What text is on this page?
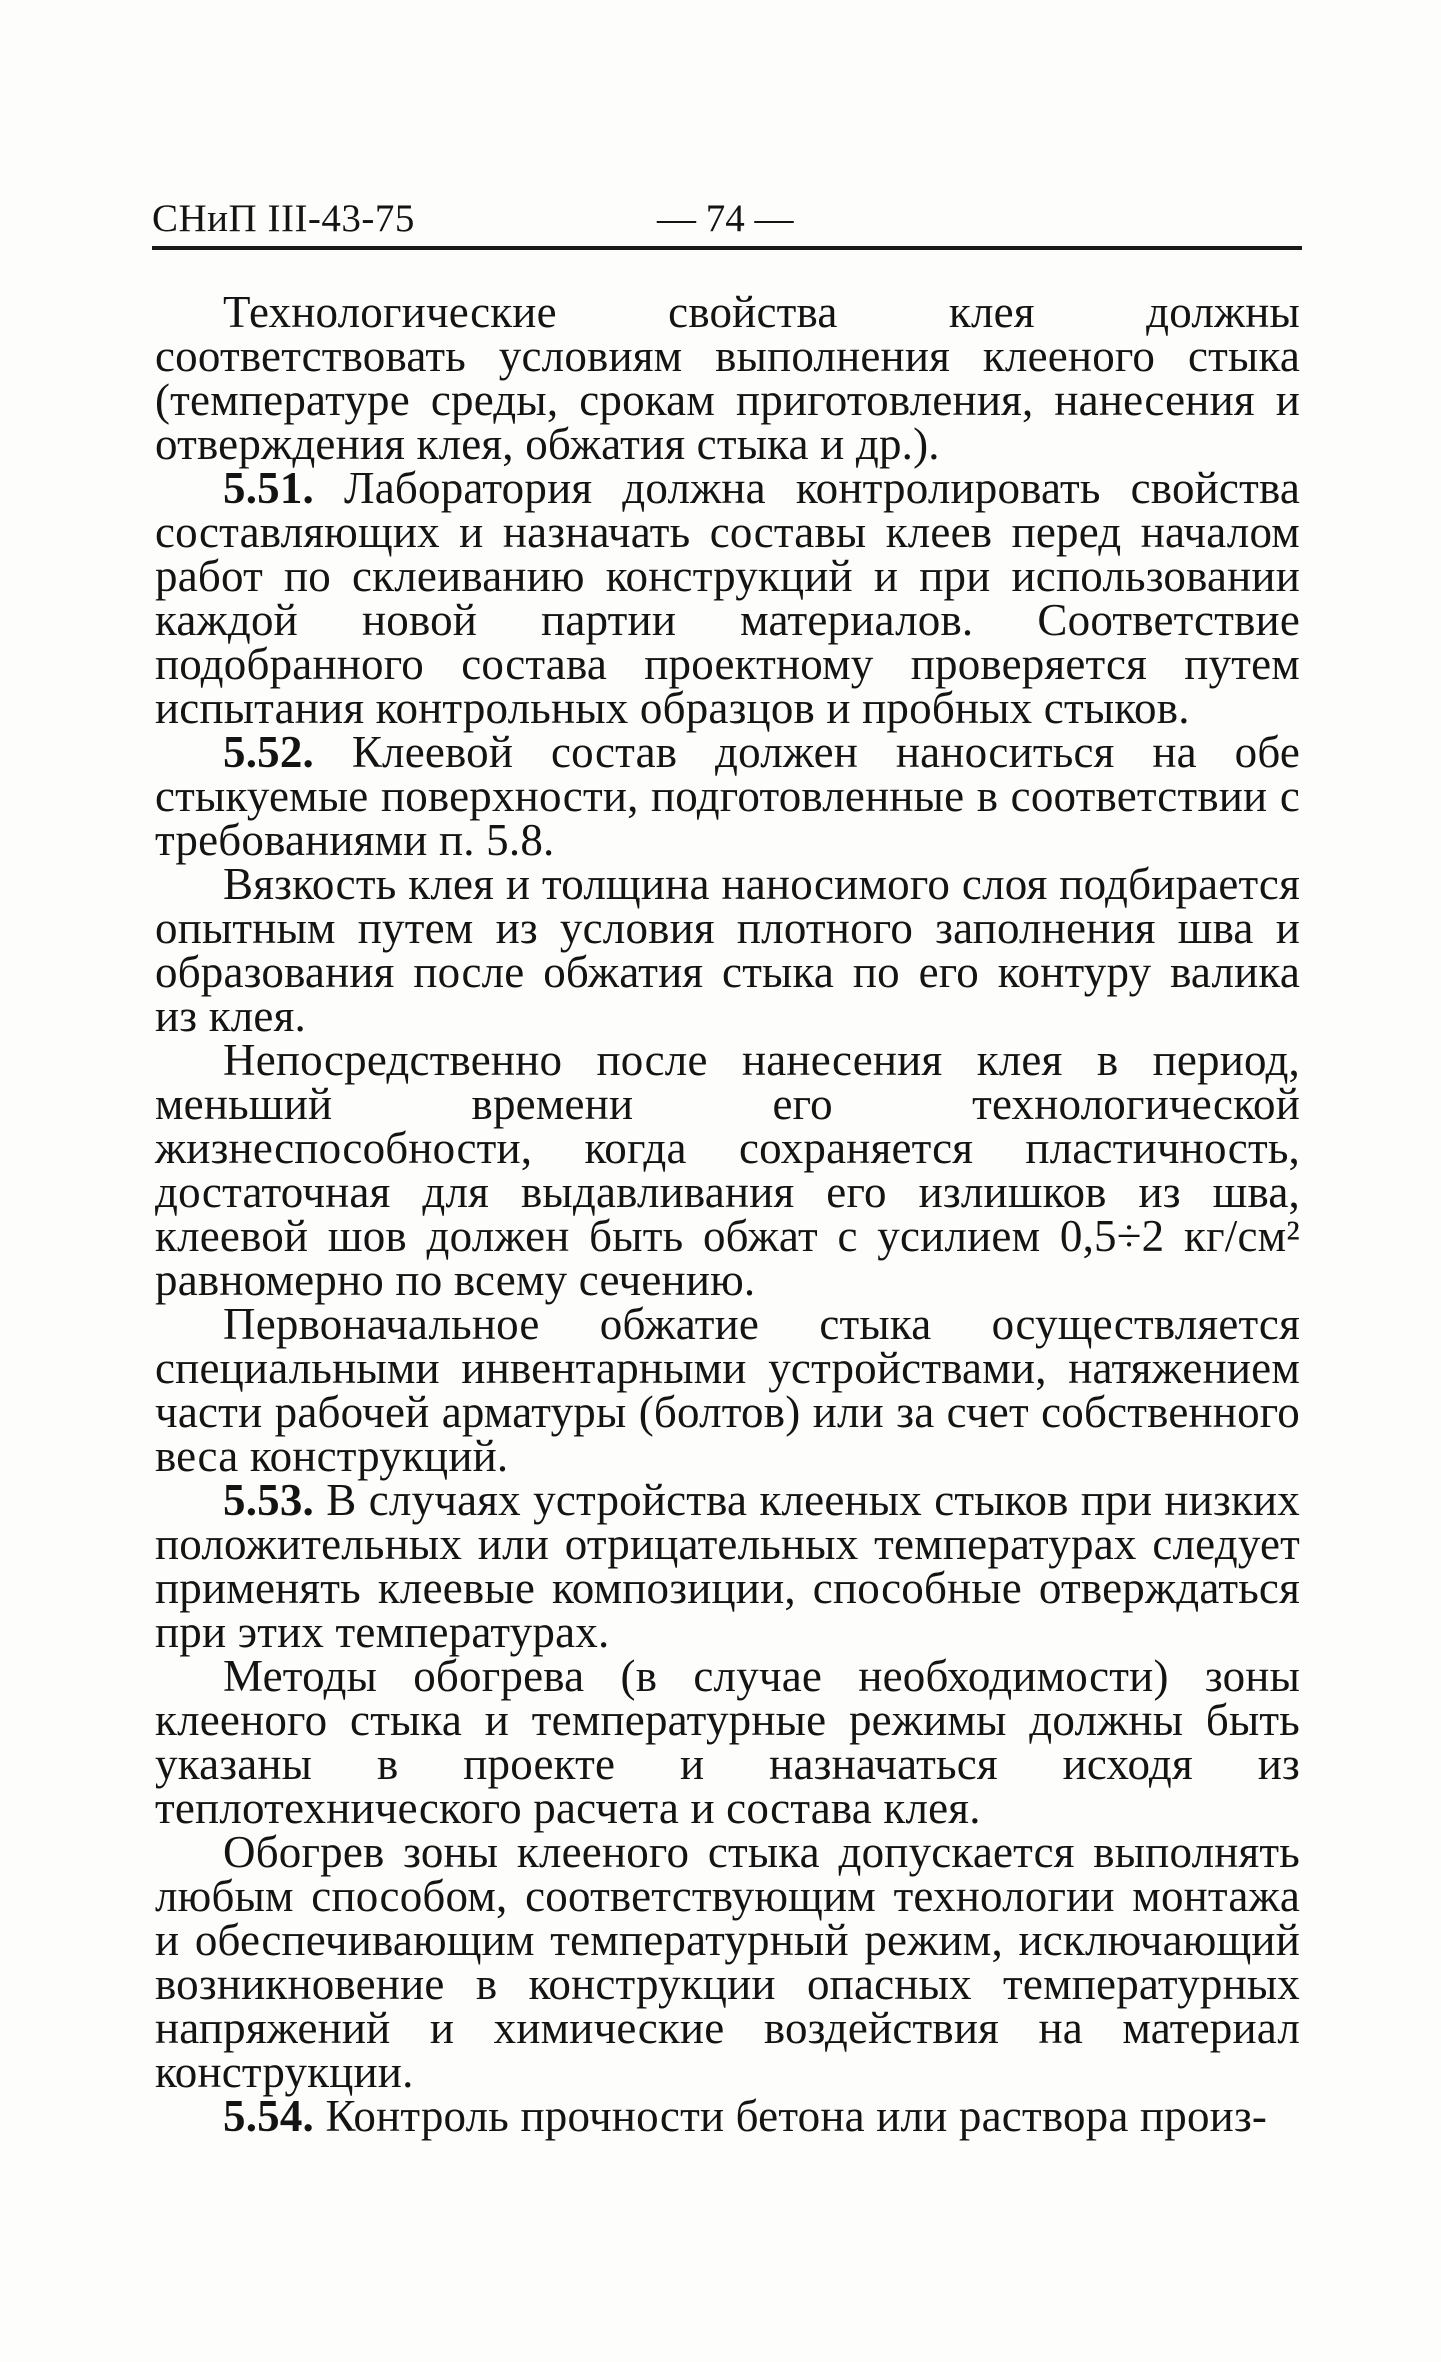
СНиП III-43-75	— 74 —

Технологические свойства клея должны соответствовать условиям выполнения клееного стыка (температуре среды, срокам приготовления, нанесения и отверждения клея, обжатия стыка и др.).

5.51. Лаборатория должна контролировать свойства составляющих и назначать составы клеев перед началом работ по склеиванию конструкций и при использовании каждой новой партии материалов. Соответствие подобранного состава проектному проверяется путем испытания контрольных образцов и пробных стыков.

5.52. Клеевой состав должен наноситься на обе стыкуемые поверхности, подготовленные в соответствии с требованиями п. 5.8.

Вязкость клея и толщина наносимого слоя подбирается опытным путем из условия плотного заполнения шва и образования после обжатия стыка по его контуру валика из клея.

Непосредственно после нанесения клея в период, меньший времени его технологической жизнеспособности, когда сохраняется пластичность, достаточная для выдавливания его излишков из шва, клеевой шов должен быть обжат с усилием 0,5÷2 кг/см² равномерно по всему сечению.

Первоначальное обжатие стыка осуществляется специальными инвентарными устройствами, натяжением части рабочей арматуры (болтов) или за счет собственного веса конструкций.

5.53. В случаях устройства клееных стыков при низких положительных или отрицательных температурах следует применять клеевые композиции, способные отверждаться при этих температурах.

Методы обогрева (в случае необходимости) зоны клееного стыка и температурные режимы должны быть указаны в проекте и назначаться исходя из теплотехнического расчета и состава клея.

Обогрев зоны клееного стыка допускается выполнять любым способом, соответствующим технологии монтажа и обеспечивающим температурный режим, исключающий возникновение в конструкции опасных температурных напряжений и химические воздействия на материал конструкции.

5.54. Контроль прочности бетона или раствора произ-
